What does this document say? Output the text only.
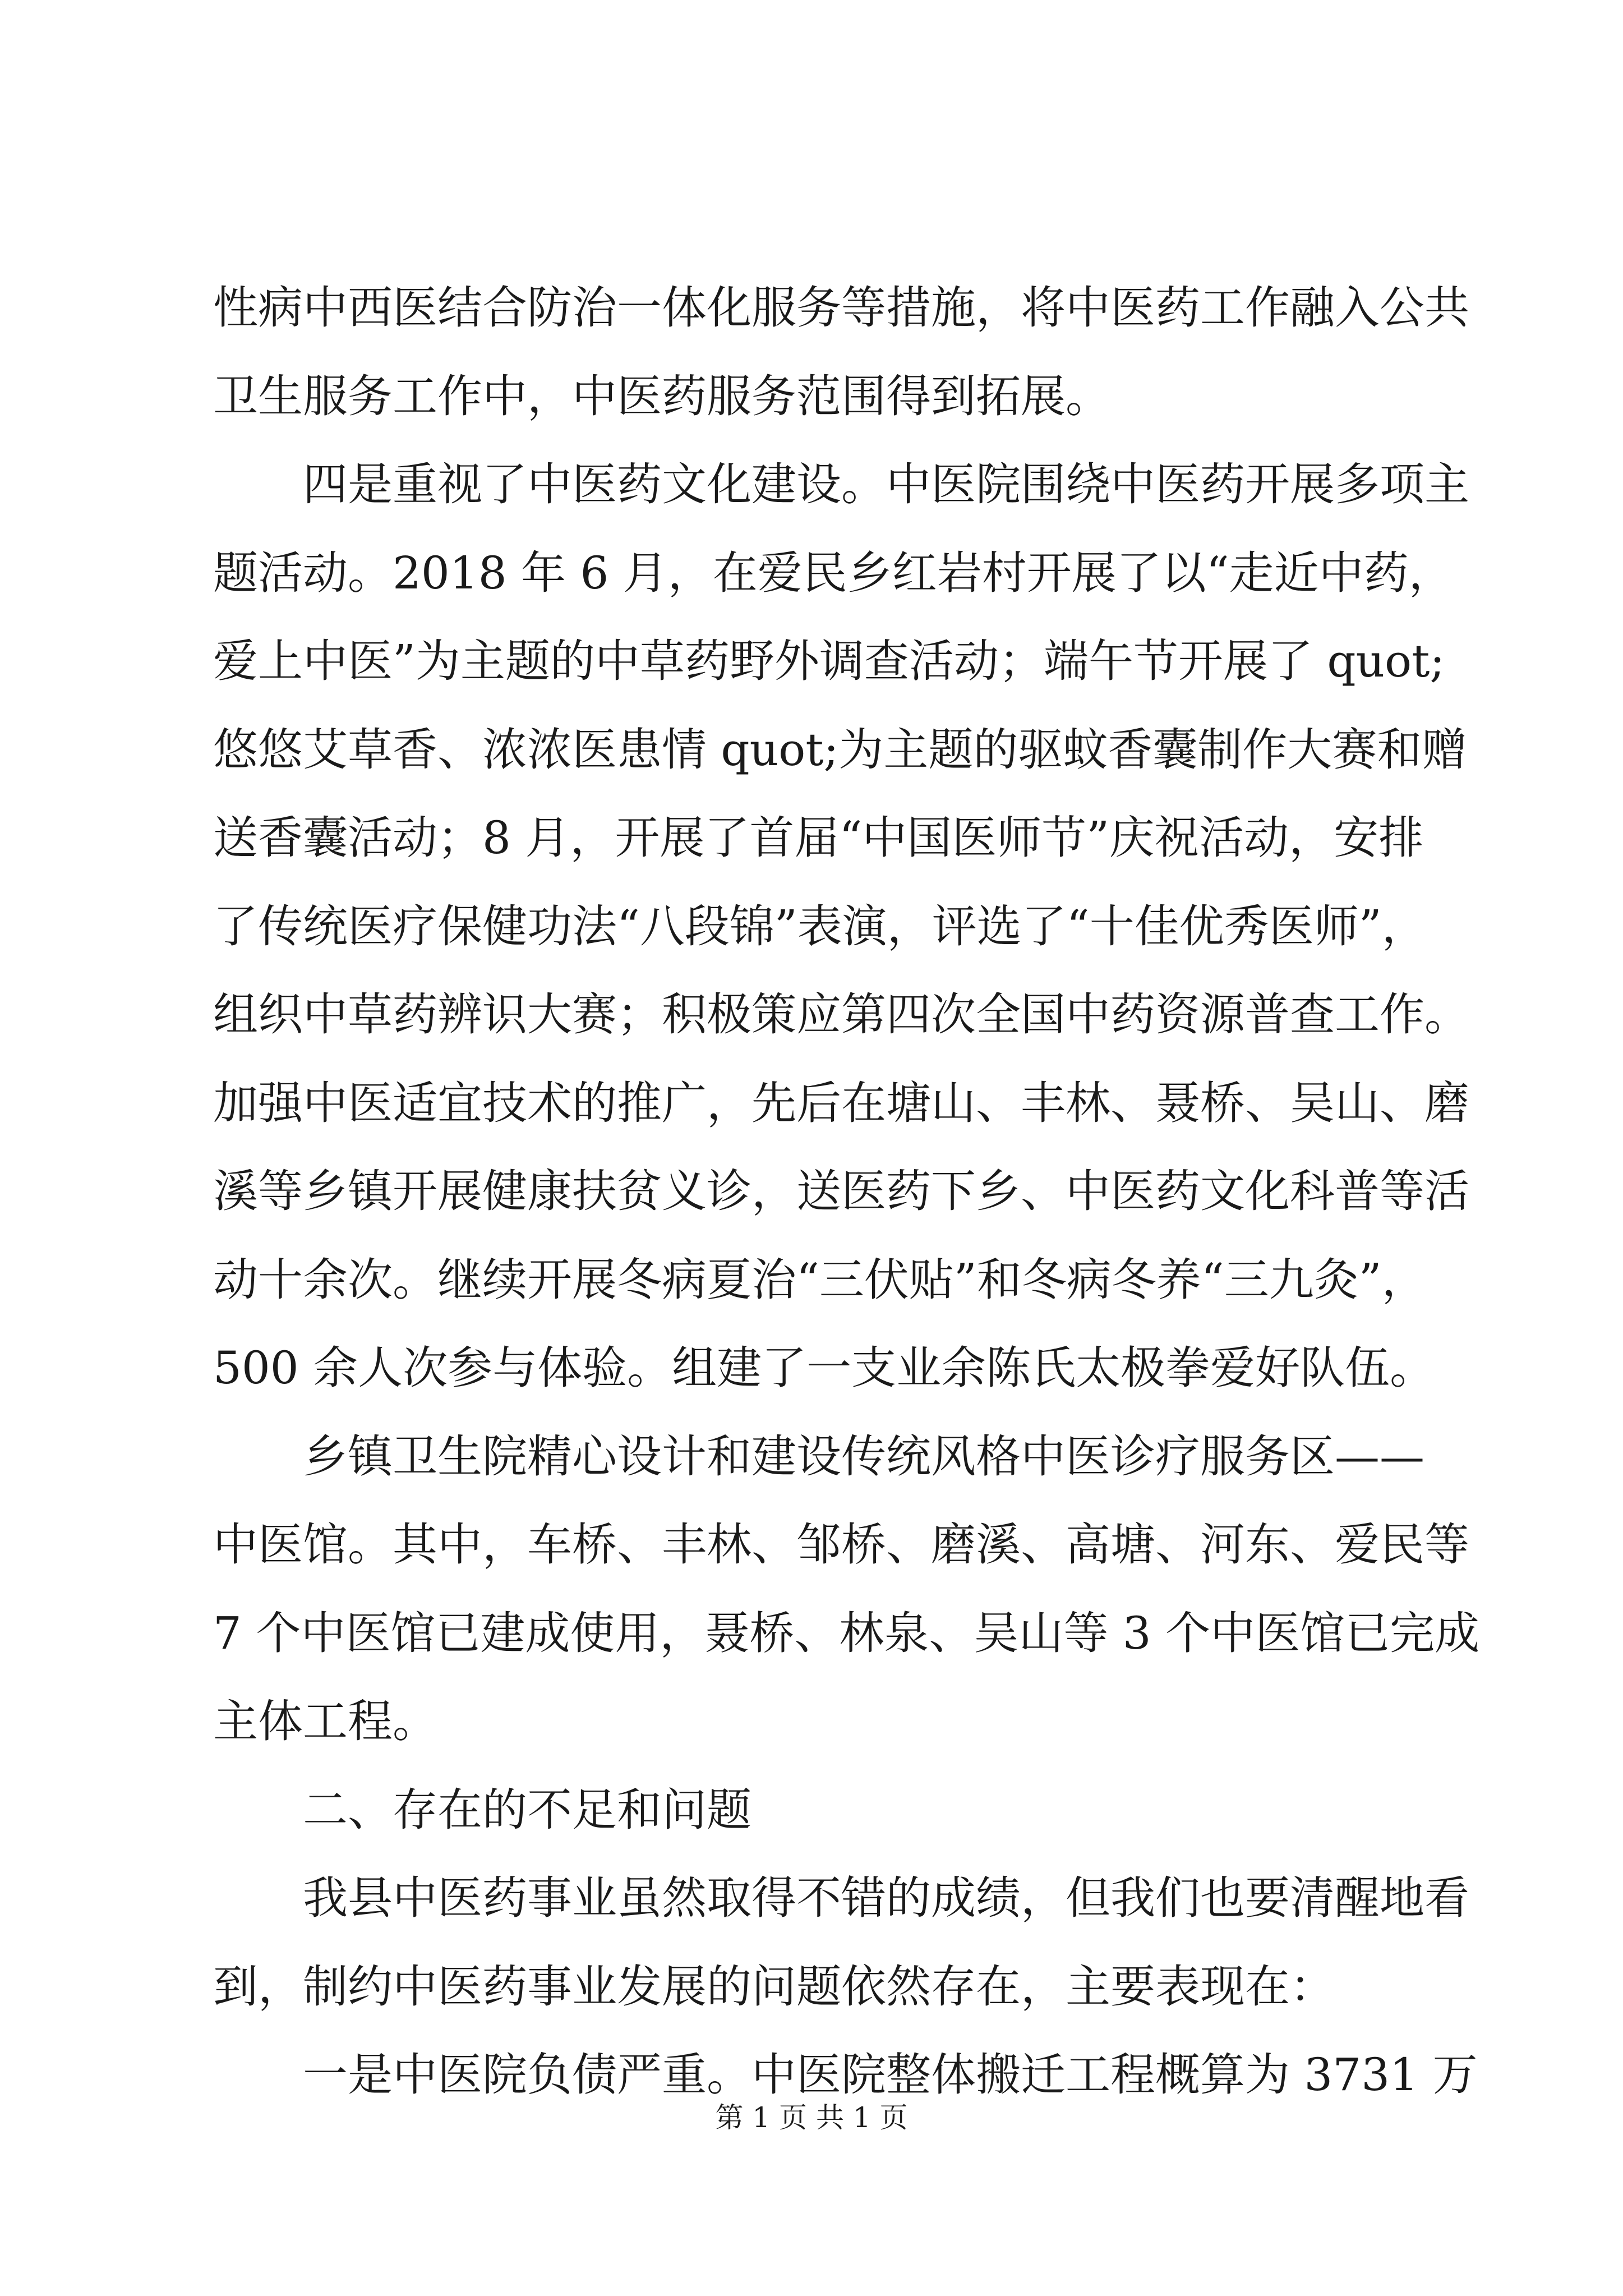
性病中西医结合防治一体化服务等措施，将中医药工作融入公共
卫生服务工作中，中医药服务范围得到拓展。
四是重视了中医药文化建设。中医院围绕中医药开展多项主
题活动。2018 年 6 月，在爱民乡红岩村开展了以“走近中药，
爱上中医”为主题的中草药野外调查活动；端午节开展了 quot;
悠悠艾草香、浓浓医患情 quot;为主题的驱蚊香囊制作大赛和赠
送香囊活动；8 月，开展了首届“中国医师节”庆祝活动，安排
了传统医疗保健功法“八段锦”表演，评选了“十佳优秀医师”，
组织中草药辨识大赛；积极策应第四次全国中药资源普查工作。
加强中医适宜技术的推广，先后在塘山、丰林、聂桥、吴山、磨
溪等乡镇开展健康扶贫义诊，送医药下乡、中医药文化科普等活
动十余次。继续开展冬病夏治“三伏贴”和冬病冬养“三九灸”，
500 余人次参与体验。组建了一支业余陈氏太极拳爱好队伍。
乡镇卫生院精心设计和建设传统风格中医诊疗服务区——
中医馆。其中，车桥、丰林、邹桥、磨溪、高塘、河东、爱民等
7 个中医馆已建成使用，聂桥、林泉、吴山等 3 个中医馆已完成
主体工程。
二、存在的不足和问题
我县中医药事业虽然取得不错的成绩，但我们也要清醒地看
到，制约中医药事业发展的问题依然存在，主要表现在：
一是中医院负债严重。中医院整体搬迁工程概算为 3731 万
第 1 页 共 1 页
